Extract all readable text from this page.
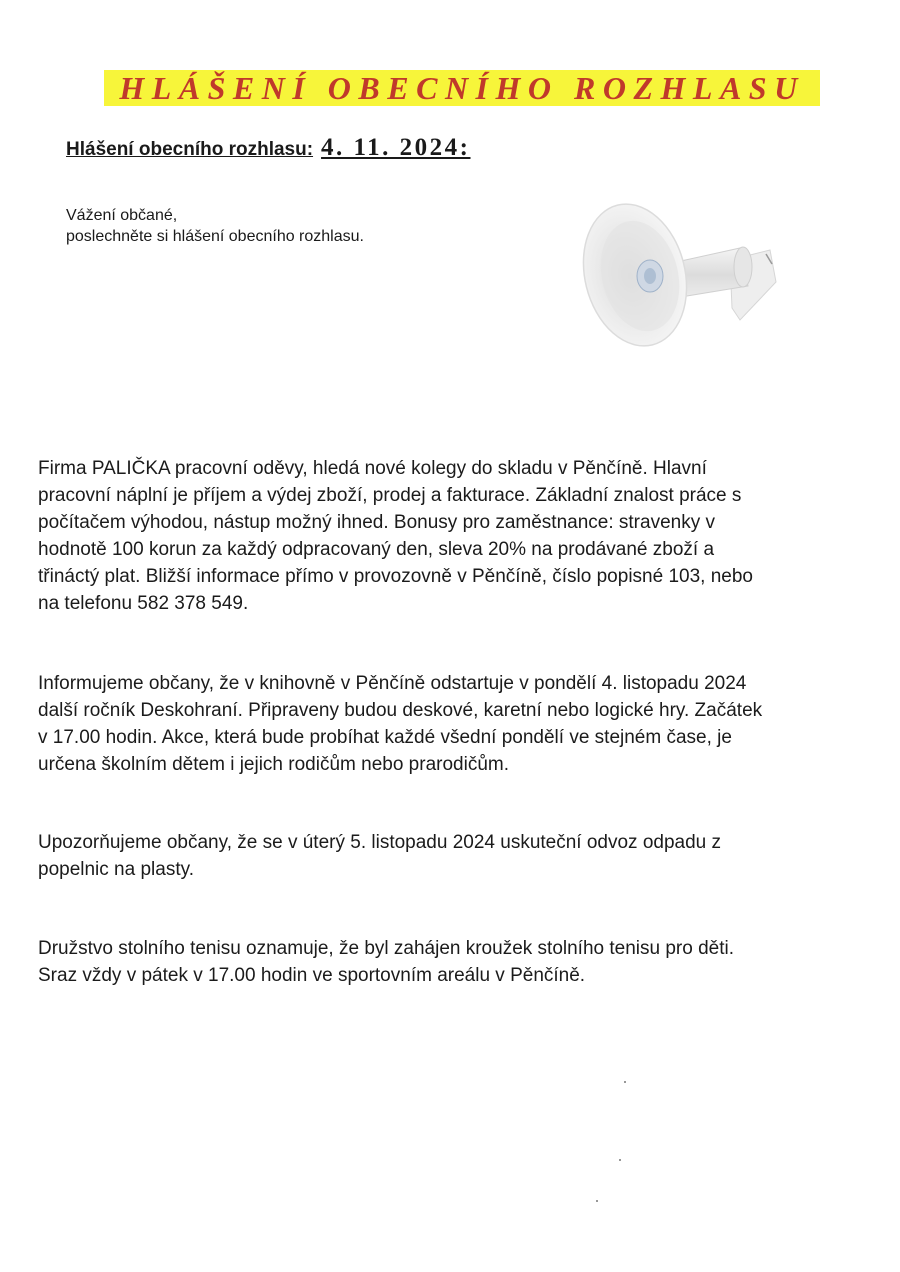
HLÁŠENÍ OBECNÍHO ROZHLASU
Hlášení obecního rozhlasu: 4. 11. 2024:
Vážení občané,
poslechněte si hlášení obecního rozhlasu.
Firma PALIČKA pracovní oděvy, hledá nové kolegy do skladu v Pěnčíně. Hlavní
pracovní náplní je příjem a výdej zboží, prodej a fakturace. Základní znalost práce s
počítačem výhodou, nástup možný ihned. Bonusy pro zaměstnance: stravenky v
hodnotě 100 korun za každý odpracovaný den, sleva 20% na prodávané zboží a
třináctý plat. Bližší informace přímo v provozovně v Pěnčíně, číslo popisné 103, nebo
na telefonu 582 378 549.
Informujeme občany, že v knihovně v Pěnčíně odstartuje v pondělí 4. listopadu 2024
další ročník Deskohraní. Připraveny budou deskové, karetní nebo logické hry. Začátek
v 17.00 hodin. Akce, která bude probíhat každé všední pondělí ve stejném čase, je
určena školním dětem i jejich rodičům nebo prarodičům.
Upozorňujeme občany, že se v úterý 5. listopadu 2024 uskuteční odvoz odpadu z
popelnic na plasty.
Družstvo stolního tenisu oznamuje, že byl zahájen kroužek stolního tenisu pro děti.
Sraz vždy v pátek v 17.00 hodin ve sportovním areálu v Pěnčíně.
